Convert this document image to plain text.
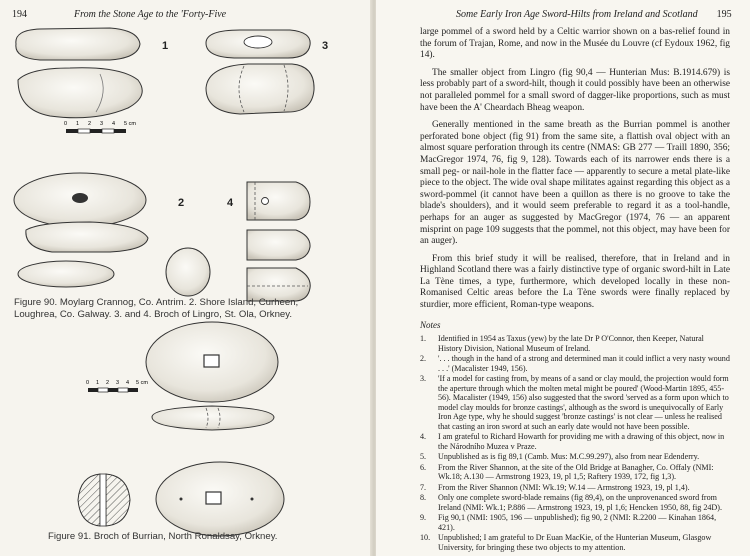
194	From the Stone Age to the 'Forty-Five
1	3
0 1 2 3 4 5 cm
2	4
0 1 2 3 4 5 cm
Figure 90. Moylarg Crannog, Co. Antrim. 2. Shore Island, Curheen, Loughrea, Co. Galway. 3. and 4. Broch of Lingro, St. Ola, Orkney.
Figure 91. Broch of Burrian, North Ronaldsay, Orkney.
Some Early Iron Age Sword-Hilts from Ireland and Scotland 195

large pommel of a sword held by a Celtic warrior shown on a bas-relief found in the forum of Trajan, Rome, and now in the Musée du Louvre (cf Eydoux 1962, fig 14).

The smaller object from Lingro (fig 90,4 — Hunterian Mus: B.1914.679) is less probably part of a sword-hilt, though it could possibly have been an otherwise not paralleled pommel for a small sword of dagger-like proportions, such as must have been the A' Cheardach Bheag weapon.

Generally mentioned in the same breath as the Burrian pommel is another perforated bone object (fig 91) from the same site, a flattish oval object with an almost square perforation through its centre (NMAS: GB 277 — Traill 1890, 356; MacGregor 1974, 76, fig 9, 128). Towards each of its narrower ends there is a small peg- or nail-hole in the flatter face — apparently to secure a metal plate-like piece to the object. The wide oval shape militates against regarding this object as a sword-pommel (it cannot have been a quillon as there is no groove to take the blade's shoulders), and it would seem preferable to regard it as a tool-handle, perhaps for an auger as suggested by MacGregor (1974, 76 — an apparent misprint on page 109 suggests that the pommel, not this object, may have been for an auger).

From this brief study it will be realised, therefore, that in Ireland and in Highland Scotland there was a fairly distinctive type of organic sword-hilt in Late La Tène times, a type, furthermore, which developed locally in these non-Romanised Celtic areas before the La Tène swords were finally replaced by sturdier, more efficient, Roman-type weapons.

Notes
1. Identified in 1954 as Taxus (yew) by the late Dr P O'Connor, then Keeper, Natural History Division, National Museum of Ireland.
2. '. . . though in the hand of a strong and determined man it could inflict a very nasty wound . . .' (Macalister 1949, 156).
3. 'If a model for casting from, by means of a sand or clay mould, the projection would form the aperture through which the molten metal might be poured' (Wood-Martin 1895, 455-56). Macalister (1949, 156) also suggested that the sword 'served as a form upon which to model clay moulds for bronze castings', although as the sword is unequivocally of Early Iron Age type, why he should suggest 'bronze castings' is not clear — unless he realised that casting an iron sword at such an early date would not have been possible.
4. I am grateful to Richard Howarth for providing me with a drawing of this object, now in the Národního Muzea v Praze.
5. Unpublished as is fig 89,1 (Camb. Mus: M.C.99.297), also from near Edenderry.
6. From the River Shannon, at the site of the Old Bridge at Banagher, Co. Offaly (NMI: Wk.18; A.130 — Armstrong 1923, 19, pl 1,5; Raftery 1939, 172, fig 1,3).
7. From the River Shannon (NMI: Wk.19; W.14 — Armstrong 1923, 19, pl 1,4).
8. Only one complete sword-blade remains (fig 89,4), on the unprovenanced sword from Ireland (NMI: Wk.1; P.886 — Armstrong 1923, 19, pl 1,6; Hencken 1950, 88, fig 24D).
9. Fig 90,1 (NMI: 1905, 196 — unpublished); fig 90, 2 (NMI: R.2200 — Kinahan 1864, 421).
10. Unpublished; I am grateful to Dr Euan MacKie, of the Hunterian Museum, Glasgow University, for bringing these two objects to my attention.
